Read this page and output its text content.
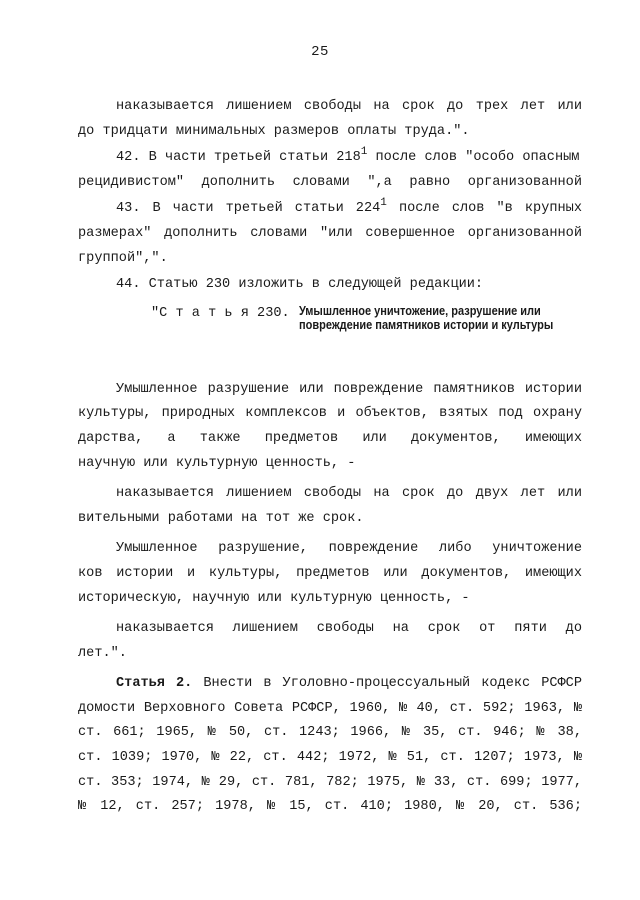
25
наказывается лишением свободы на срок до трех лет или
до тридцати минимальных размеров оплаты труда.".
42. В части третьей статьи $218^1$ после слов "особо опасным
рецидивистом" дополнить словами ",а равно организованной
43. В части третьей статьи $224^1$ после слов "в крупных
размерах" дополнить словами "или совершенное организованной
группой",".
44. Статью 230 изложить в следующей редакции:
"С т а т ь я 230. Умышленное уничтожение, разрушение или повреждение памятников истории и культуры
Умышленное разрушение или повреждение памятников истории
культуры, природных комплексов и объектов, взятых под охрану
дарства, а также предметов или документов, имеющих
научную или культурную ценность, -
наказывается лишением свободы на срок до двух лет или
вительными работами на тот же срок.
Умышленное разрушение, повреждение либо уничтожение
ков истории и культуры, предметов или документов, имеющих
историческую, научную или культурную ценность, -
наказывается лишением свободы на срок от пяти до
лет.".
Статья 2. Внести в Уголовно-процессуальный кодекс РСФСР
домости Верховного Совета РСФСР, 1960, № 40, ст. 592; 1963, №
ст. 661; 1965, № 50, ст. 1243; 1966, № 35, ст. 946; № 38,
ст. 1039; 1970, № 22, ст. 442; 1972, № 51, ст. 1207; 1973, №
ст. 353; 1974, № 29, ст. 781, 782; 1975, № 33, ст. 699; 1977,
№ 12, ст. 257; 1978, № 15, ст. 410; 1980, № 20, ст. 536;
